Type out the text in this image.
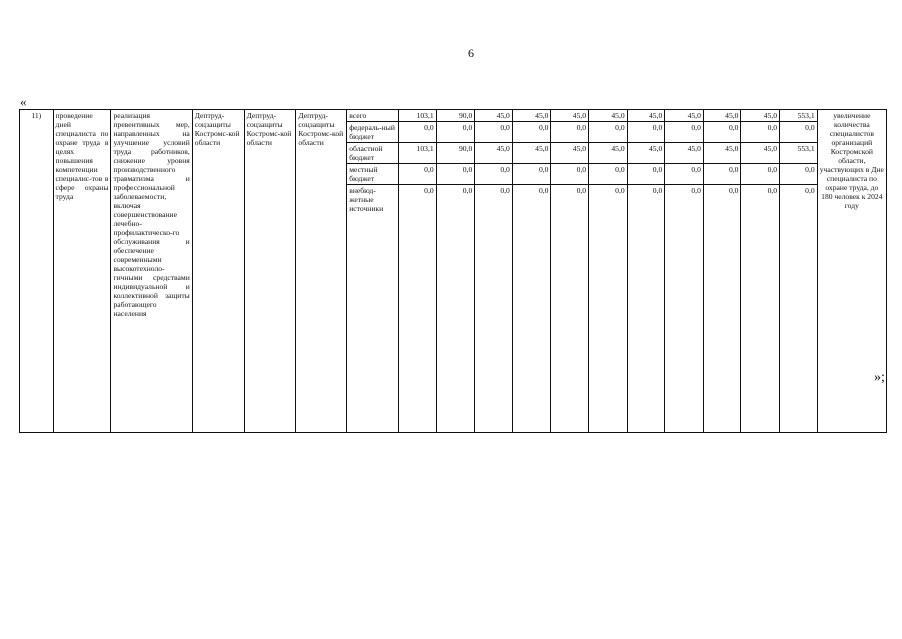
6
«
11)	проведение дней специалиста по охране труда в целях повышения компетенции специалис-тов в сфере охраны труда	реализация превентивных мер, направленных на улучшение условий труда работников, снижение уровня производственного травматизма и профессиональной заболеваемости, включая совершенствование лечебно-профилактическо-го обслуживания и обеспечение современными высокотехноло-гичными средствами индивидуальной и коллективной защиты работающего населения	Дептруд-соцзащиты Костромс-кой области	Дептруд-соцзащиты Костромс-кой области	Дептруд-соцзащиты Костромс-кой области	всего	103,1	90,0	45,0	45,0	45,0	45,0	45,0	45,0	45,0	45,0	553,1	увеличение количества специалистов организаций Костромской области, участвующих в Дне специалиста по охране труда, до 180 человек к 2024 году
						федераль-ный бюджет	0,0	0,0	0,0	0,0	0,0	0,0	0,0	0,0	0,0	0,0	0,0	
						областной бюджет	103,1	90,0	45,0	45,0	45,0	45,0	45,0	45,0	45,0	45,0	553,1	
						местный бюджет	0,0	0,0	0,0	0,0	0,0	0,0	0,0	0,0	0,0	0,0	0,0	
						внебюд-жетные источники	0,0	0,0	0,0	0,0	0,0	0,0	0,0	0,0	0,0	0,0	0,0	
»;
